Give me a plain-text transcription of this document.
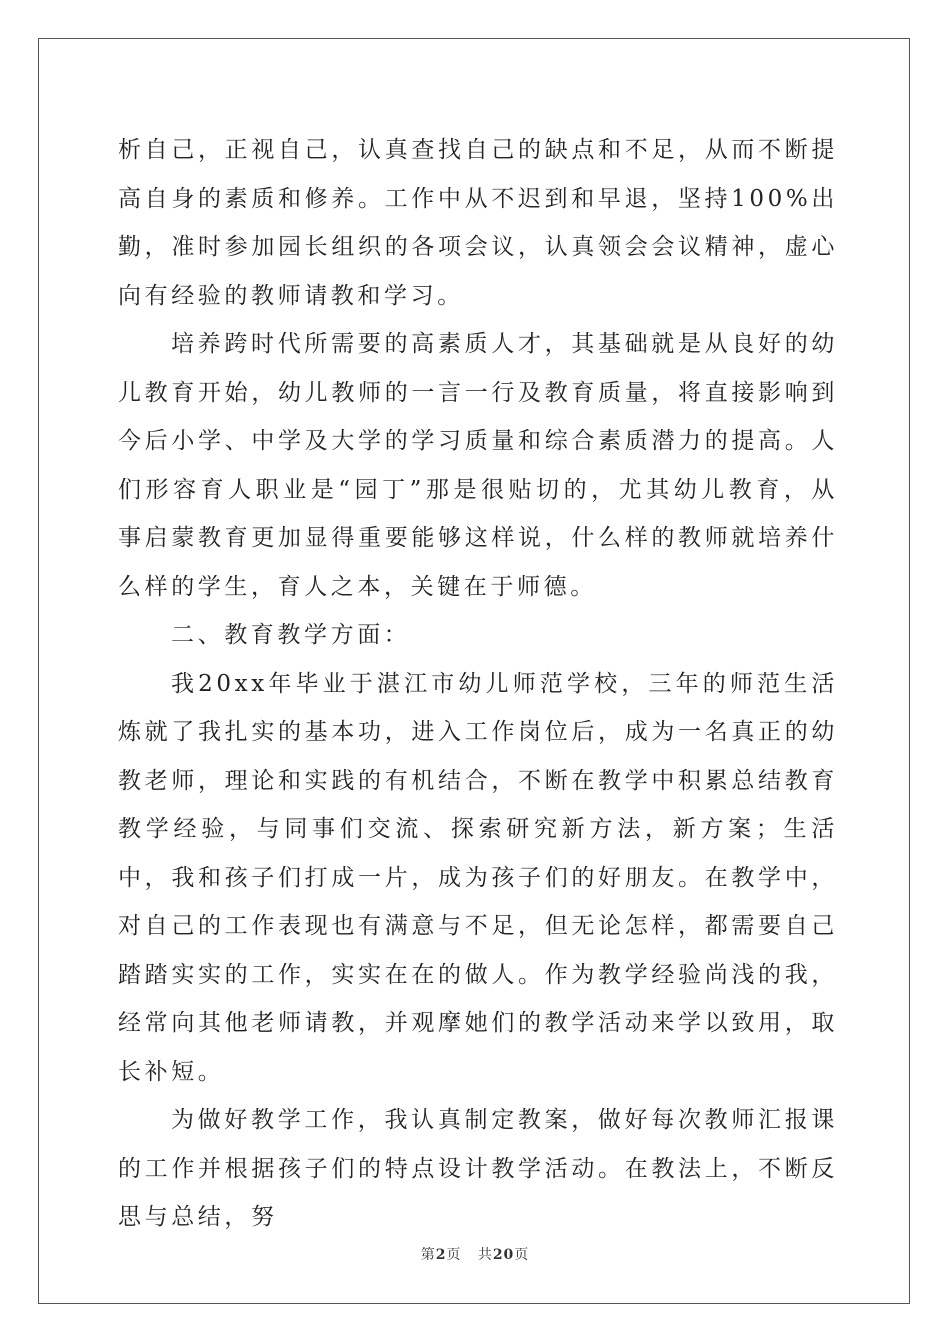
析自己，正视自己，认真查找自己的缺点和不足，从而不断提高自身的素质和修养。工作中从不迟到和早退，坚持100%出勤，准时参加园长组织的各项会议，认真领会会议精神，虚心向有经验的教师请教和学习。

培养跨时代所需要的高素质人才，其基础就是从良好的幼儿教育开始，幼儿教师的一言一行及教育质量，将直接影响到今后小学、中学及大学的学习质量和综合素质潜力的提高。人们形容育人职业是“园丁”那是很贴切的，尤其幼儿教育，从事启蒙教育更加显得重要能够这样说，什么样的教师就培养什么样的学生，育人之本，关键在于师德。

二、教育教学方面：

我20xx年毕业于湛江市幼儿师范学校，三年的师范生活炼就了我扎实的基本功，进入工作岗位后，成为一名真正的幼教老师，理论和实践的有机结合，不断在教学中积累总结教育教学经验，与同事们交流、探索研究新方法，新方案；生活中，我和孩子们打成一片，成为孩子们的好朋友。在教学中，对自己的工作表现也有满意与不足，但无论怎样，都需要自己踏踏实实的工作，实实在在的做人。作为教学经验尚浅的我，经常向其他老师请教，并观摩她们的教学活动来学以致用，取长补短。

为做好教学工作，我认真制定教案，做好每次教师汇报课的工作并根据孩子们的特点设计教学活动。在教法上，不断反思与总结，努

第2页 共20页
